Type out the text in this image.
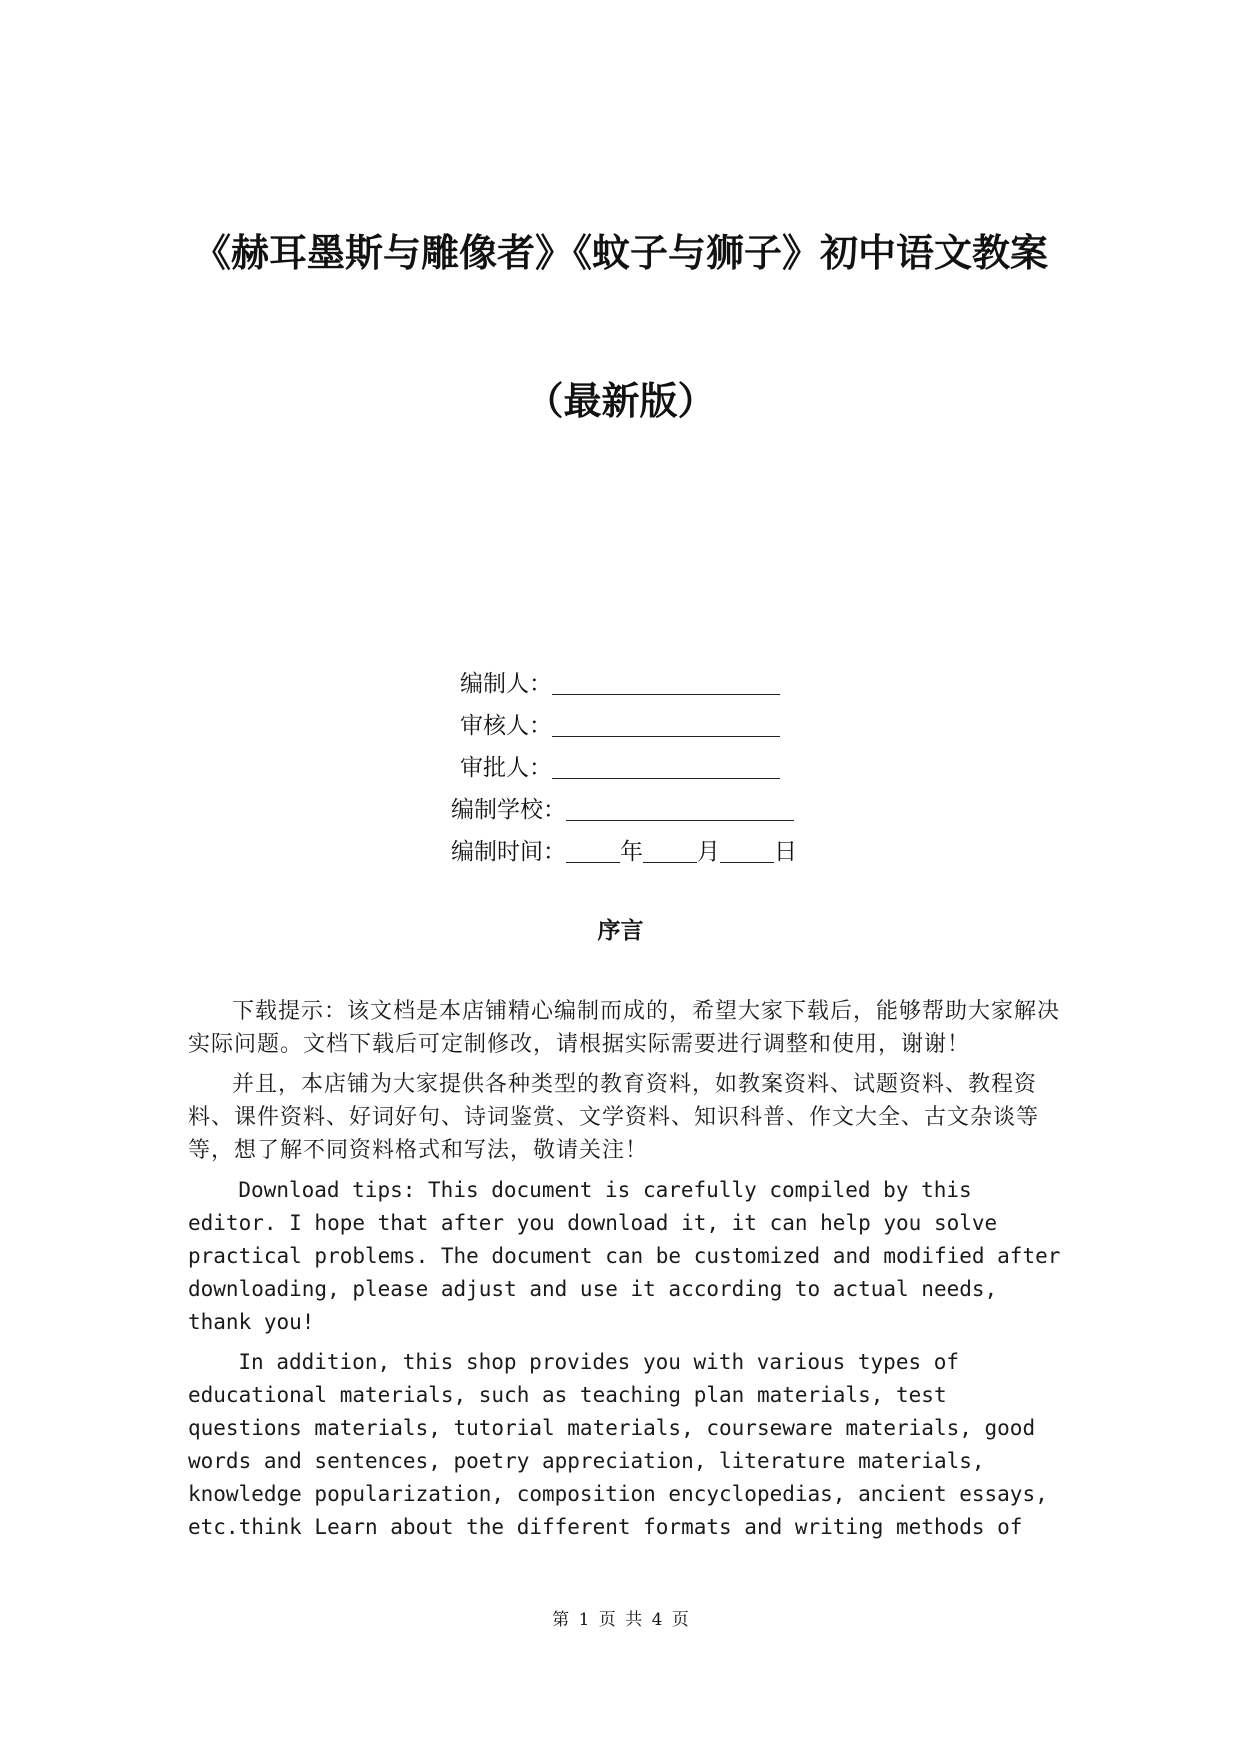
《赫耳墨斯与雕像者》《蚊子与狮子》初中语文教案
（最新版）
编制人：
审核人：
审批人：
编制学校：
编制时间： 年 月 日
序言

下载提示：该文档是本店铺精心编制而成的，希望大家下载后，能够帮助大家解决实际问题。文档下载后可定制修改，请根据实际需要进行调整和使用，谢谢！

并且，本店铺为大家提供各种类型的教育资料，如教案资料、试题资料、教程资料、课件资料、好词好句、诗词鉴赏、文学资料、知识科普、作文大全、古文杂谈等等，想了解不同资料格式和写法，敬请关注！

Download tips: This document is carefully compiled by this editor. I hope that after you download it, it can help you solve practical problems. The document can be customized and modified after downloading, please adjust and use it according to actual needs, thank you!

In addition, this shop provides you with various types of educational materials, such as teaching plan materials, test questions materials, tutorial materials, courseware materials, good words and sentences, poetry appreciation, literature materials, knowledge popularization, composition encyclopedias, ancient essays, etc.think Learn about the different formats and writing methods of

第 1 页 共 4 页
